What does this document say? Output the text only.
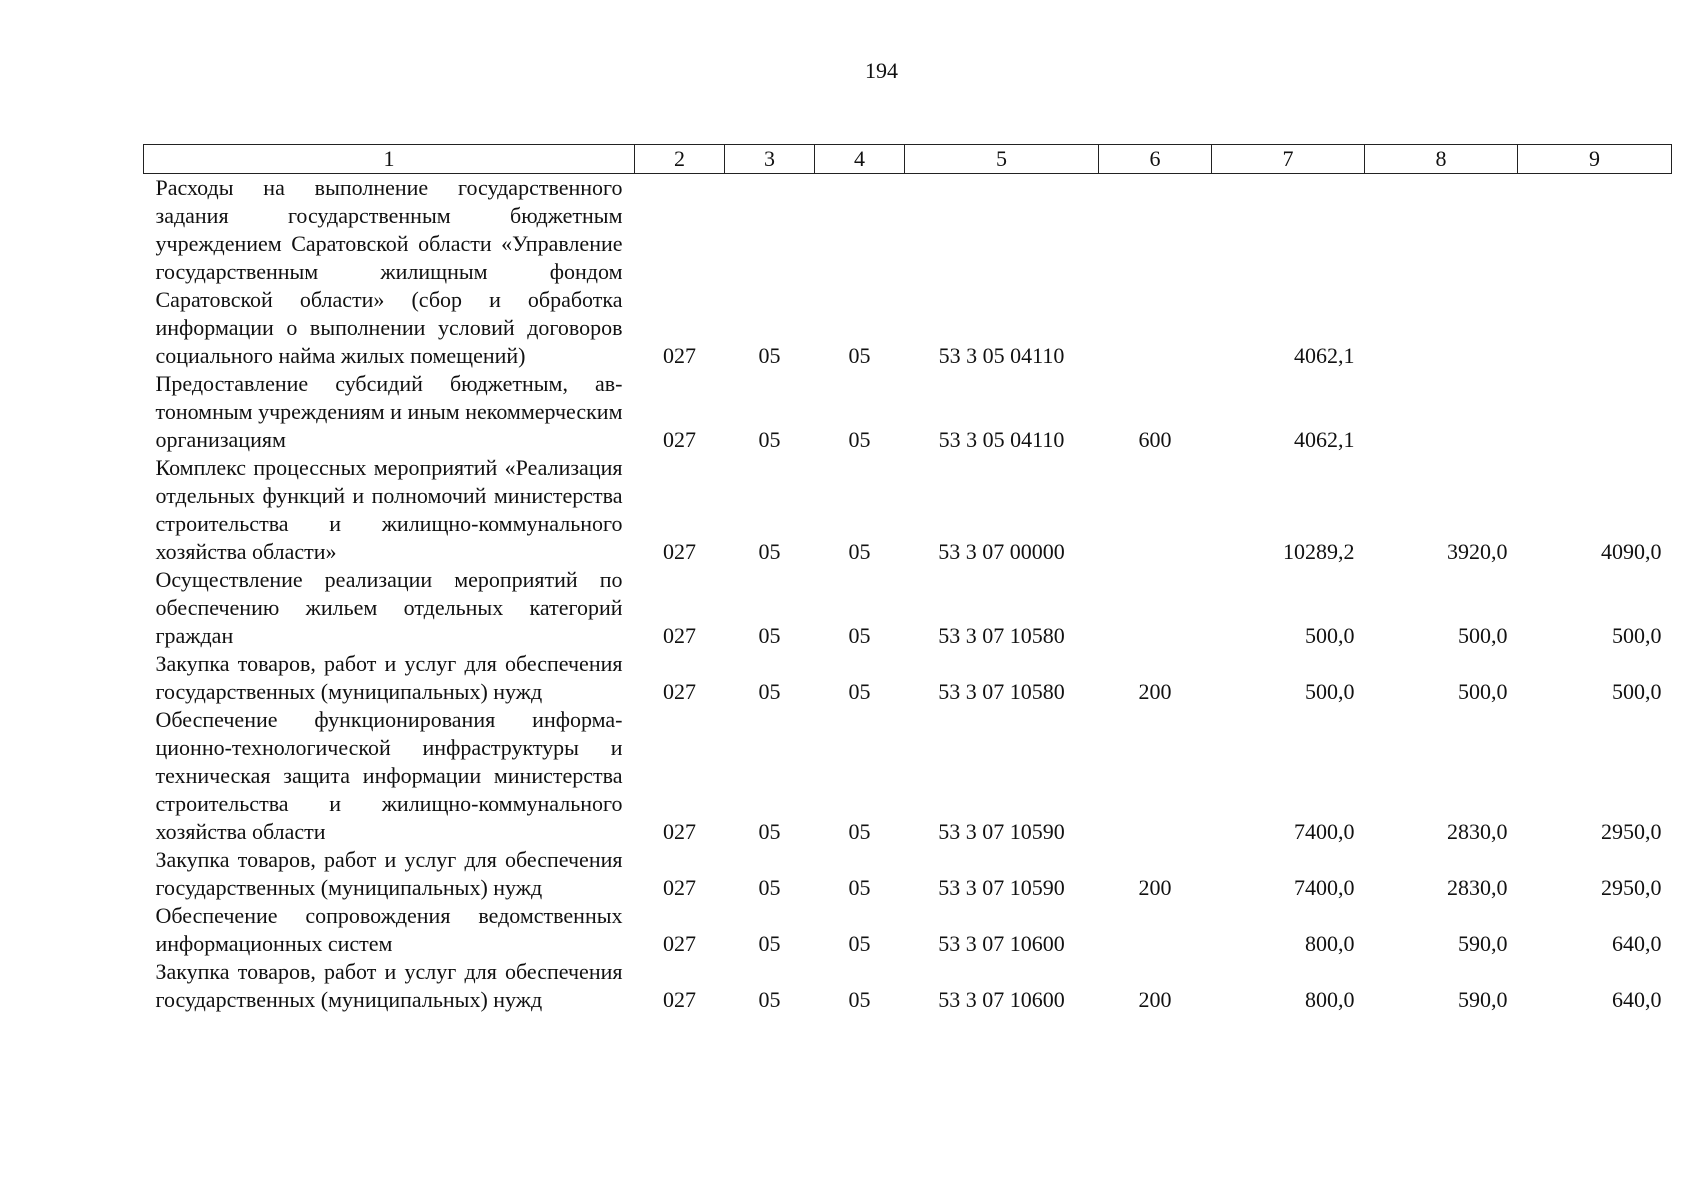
194
1	2	3	4	5	6	7	8	9
Расходы на выполнение государственного задания государственным бюджетным учреждением Саратовской области «Управление государственным жилищным фондом Саратовской области» (сбор и обработка информации о выполнении условий договоров социального найма жилых помещений)	027	05	05	53 3 05 04110		4062,1		
Предоставление субсидий бюджетным, автономным учреждениям и иным некоммерческим организациям	027	05	05	53 3 05 04110	600	4062,1		
Комплекс процессных мероприятий «Реализация отдельных функций и полномочий министерства строительства и жилищно-коммунального хозяйства области»	027	05	05	53 3 07 00000		10289,2	3920,0	4090,0
Осуществление реализации мероприятий по обеспечению жильем отдельных категорий граждан	027	05	05	53 3 07 10580		500,0	500,0	500,0
Закупка товаров, работ и услуг для обеспечения государственных (муниципальных) нужд	027	05	05	53 3 07 10580	200	500,0	500,0	500,0
Обеспечение функционирования информационно-технологической инфраструктуры и техническая защита информации министерства строительства и жилищно-коммунального хозяйства области	027	05	05	53 3 07 10590		7400,0	2830,0	2950,0
Закупка товаров, работ и услуг для обеспечения государственных (муниципальных) нужд	027	05	05	53 3 07 10590	200	7400,0	2830,0	2950,0
Обеспечение сопровождения ведомственных информационных систем	027	05	05	53 3 07 10600		800,0	590,0	640,0
Закупка товаров, работ и услуг для обеспечения государственных (муниципальных) нужд	027	05	05	53 3 07 10600	200	800,0	590,0	640,0
